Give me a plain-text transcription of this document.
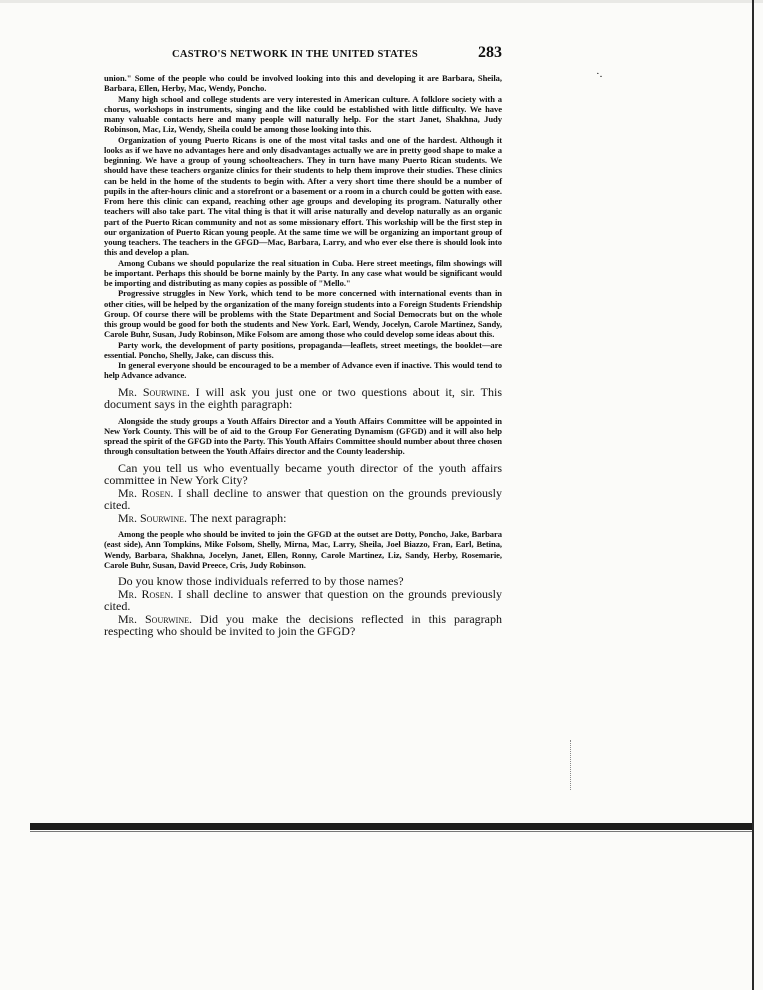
CASTRO'S NETWORK IN THE UNITED STATES	283
·.

union." Some of the people who could be involved looking into this and developing it are Barbara, Sheila, Barbara, Ellen, Herby, Mac, Wendy, Poncho.

Many high school and college students are very interested in American culture. A folklore society with a chorus, workshops in instruments, singing and the like could be established with little difficulty. We have many valuable contacts here and many people will naturally help. For the start Janet, Shakhna, Judy Robinson, Mac, Liz, Wendy, Sheila could be among those looking into this.

Organization of young Puerto Ricans is one of the most vital tasks and one of the hardest. Although it looks as if we have no advantages here and only disadvantages actually we are in pretty good shape to make a beginning. We have a group of young schoolteachers. They in turn have many Puerto Rican students. We should have these teachers organize clinics for their students to help them improve their studies. These clinics can be held in the home of the students to begin with. After a very short time there should be a number of pupils in the after-hours clinic and a storefront or a basement or a room in a church could be gotten with ease. From here this clinic can expand, reaching other age groups and developing its program. Naturally other teachers will also take part. The vital thing is that it will arise naturally and develop naturally as an organic part of the Puerto Rican community and not as some missionary effort. This workship will be the first step in our organization of Puerto Rican young people. At the same time we will be organizing an important group of young teachers. The teachers in the GFGD—Mac, Barbara, Larry, and who ever else there is should look into this and develop a plan.

Among Cubans we should popularize the real situation in Cuba. Here street meetings, film showings will be important. Perhaps this should be borne mainly by the Party. In any case what would be significant would be importing and distributing as many copies as possible of "Mello."

Progressive struggles in New York, which tend to be more concerned with international events than in other cities, will be helped by the organization of the many foreign students into a Foreign Students Friendship Group. Of course there will be problems with the State Department and Social Democrats but on the whole this group would be good for both the students and New York. Earl, Wendy, Jocelyn, Carole Martinez, Sandy, Carole Buhr, Susan, Judy Robinson, Mike Folsom are among those who could develop some ideas about this.

Party work, the development of party positions, propaganda—leaflets, street meetings, the booklet—are essential. Poncho, Shelly, Jake, can discuss this.

In general everyone should be encouraged to be a member of Advance even if inactive. This would tend to help Advance advance.

Mr. Sourwine. I will ask you just one or two questions about it, sir. This document says in the eighth paragraph:

Alongside the study groups a Youth Affairs Director and a Youth Affairs Committee will be appointed in New York County. This will be of aid to the Group For Generating Dynamism (GFGD) and it will also help spread the spirit of the GFGD into the Party. This Youth Affairs Committee should number about three chosen through consultation between the Youth Affairs director and the County leadership.

Can you tell us who eventually became youth director of the youth affairs committee in New York City?

Mr. Rosen. I shall decline to answer that question on the grounds previously cited.

Mr. Sourwine. The next paragraph:

Among the people who should be invited to join the GFGD at the outset are Dotty, Poncho, Jake, Barbara (east side), Ann Tompkins, Mike Folsom, Shelly, Mirna, Mac, Larry, Sheila, Joel Biazzo, Fran, Earl, Betina, Wendy, Barbara, Shakhna, Jocelyn, Janet, Ellen, Ronny, Carole Martinez, Liz, Sandy, Herby, Rosemarie, Carole Buhr, Susan, David Preece, Cris, Judy Robinson.

Do you know those individuals referred to by those names?

Mr. Rosen. I shall decline to answer that question on the grounds previously cited.

Mr. Sourwine. Did you make the decisions reflected in this paragraph respecting who should be invited to join the GFGD?
